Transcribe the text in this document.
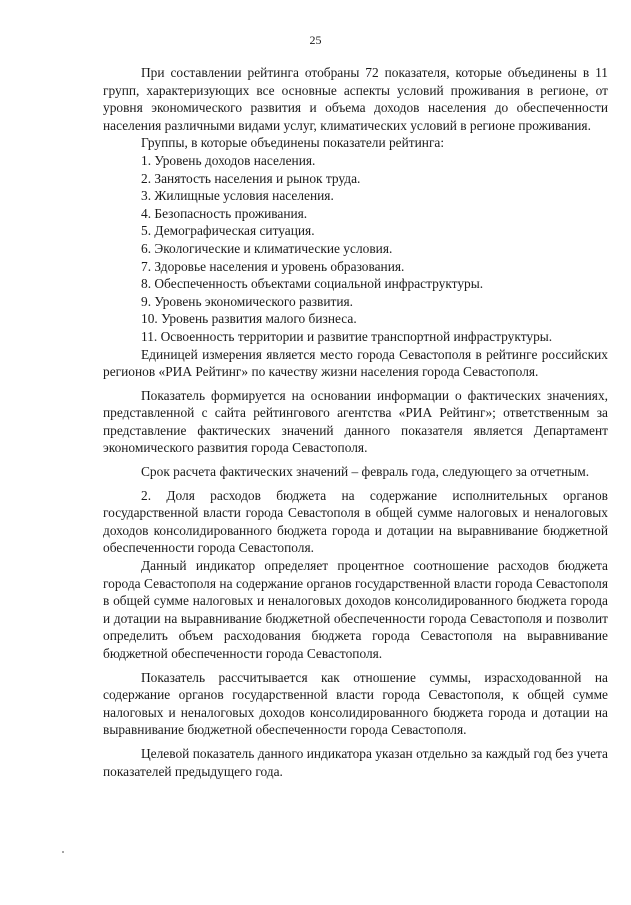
25

При составлении рейтинга отобраны 72 показателя, которые объединены в 11 групп, характеризующих все основные аспекты условий проживания в регионе, от уровня экономического развития и объема доходов населения до обеспеченности населения различными видами услуг, климатических условий в регионе проживания.

Группы, в которые объединены показатели рейтинга:

1. Уровень доходов населения.

2. Занятость населения и рынок труда.

3. Жилищные условия населения.

4. Безопасность проживания.

5. Демографическая ситуация.

6. Экологические и климатические условия.

7. Здоровье населения и уровень образования.

8. Обеспеченность объектами социальной инфраструктуры.

9. Уровень экономического развития.

10. Уровень развития малого бизнеса.

11. Освоенность территории и развитие транспортной инфраструктуры.

Единицей измерения является место города Севастополя в рейтинге российских регионов «РИА Рейтинг» по качеству жизни населения города Севастополя.

Показатель формируется на основании информации о фактических значениях, представленной с сайта рейтингового агентства «РИА Рейтинг»; ответственным за представление фактических значений данного показателя является Департамент экономического развития города Севастополя.

Срок расчета фактических значений – февраль года, следующего за отчетным.

2. Доля расходов бюджета на содержание исполнительных органов государственной власти города Севастополя в общей сумме налоговых и неналоговых доходов консолидированного бюджета города и дотации на выравнивание бюджетной обеспеченности города Севастополя.

Данный индикатор определяет процентное соотношение расходов бюджета города Севастополя на содержание органов государственной власти города Севастополя в общей сумме налоговых и неналоговых доходов консолидированного бюджета города и дотации на выравнивание бюджетной обеспеченности города Севастополя и позволит определить объем расходования бюджета города Севастополя на выравнивание бюджетной обеспеченности города Севастополя.

Показатель рассчитывается как отношение суммы, израсходованной на содержание органов государственной власти города Севастополя, к общей сумме налоговых и неналоговых доходов консолидированного бюджета города и дотации на выравнивание бюджетной обеспеченности города Севастополя.

Целевой показатель данного индикатора указан отдельно за каждый год без учета показателей предыдущего года.
